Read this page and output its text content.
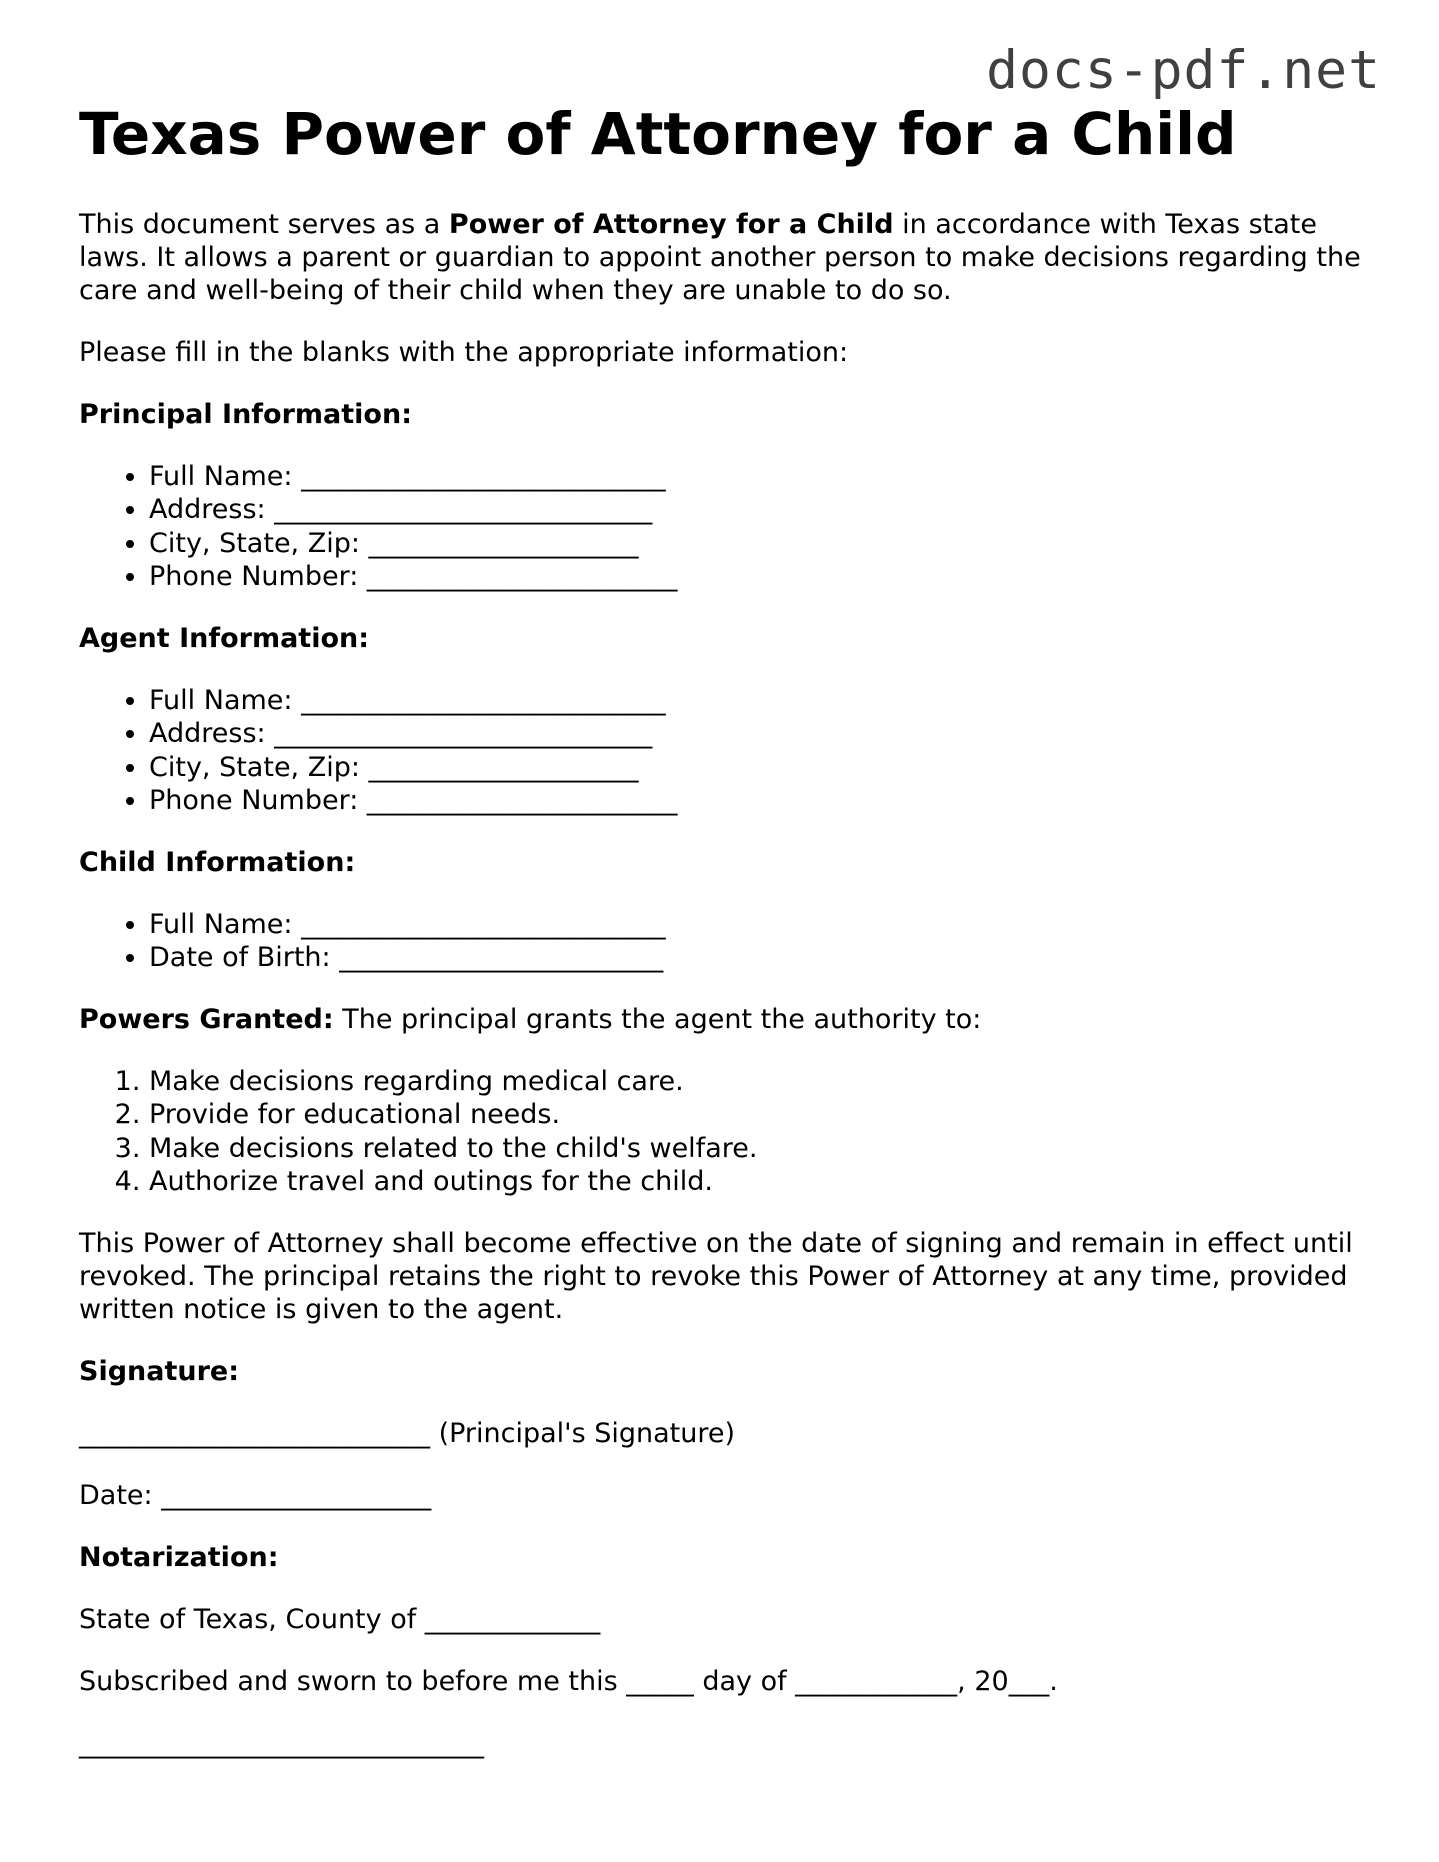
docs-pdf.net
Texas Power of Attorney for a Child

This document serves as a Power of Attorney for a Child in accordance with Texas state laws. It allows a parent or guardian to appoint another person to make decisions regarding the care and well-being of their child when they are unable to do so.

Please fill in the blanks with the appropriate information:

Principal Information:

• Full Name: ___________________________
• Address: ____________________________
• City, State, Zip: ____________________
• Phone Number: _______________________

Agent Information:

• Full Name: ___________________________
• Address: ____________________________
• City, State, Zip: ____________________
• Phone Number: _______________________

Child Information:

• Full Name: ___________________________
• Date of Birth: ________________________

Powers Granted: The principal grants the agent the authority to:

1. Make decisions regarding medical care.
2. Provide for educational needs.
3. Make decisions related to the child's welfare.
4. Authorize travel and outings for the child.

This Power of Attorney shall become effective on the date of signing and remain in effect until revoked. The principal retains the right to revoke this Power of Attorney at any time, provided written notice is given to the agent.

Signature:

__________________________ (Principal's Signature)

Date: ____________________

Notarization:

State of Texas, County of _____________

Subscribed and sworn to before me this _____ day of ____________, 20___.

______________________________
